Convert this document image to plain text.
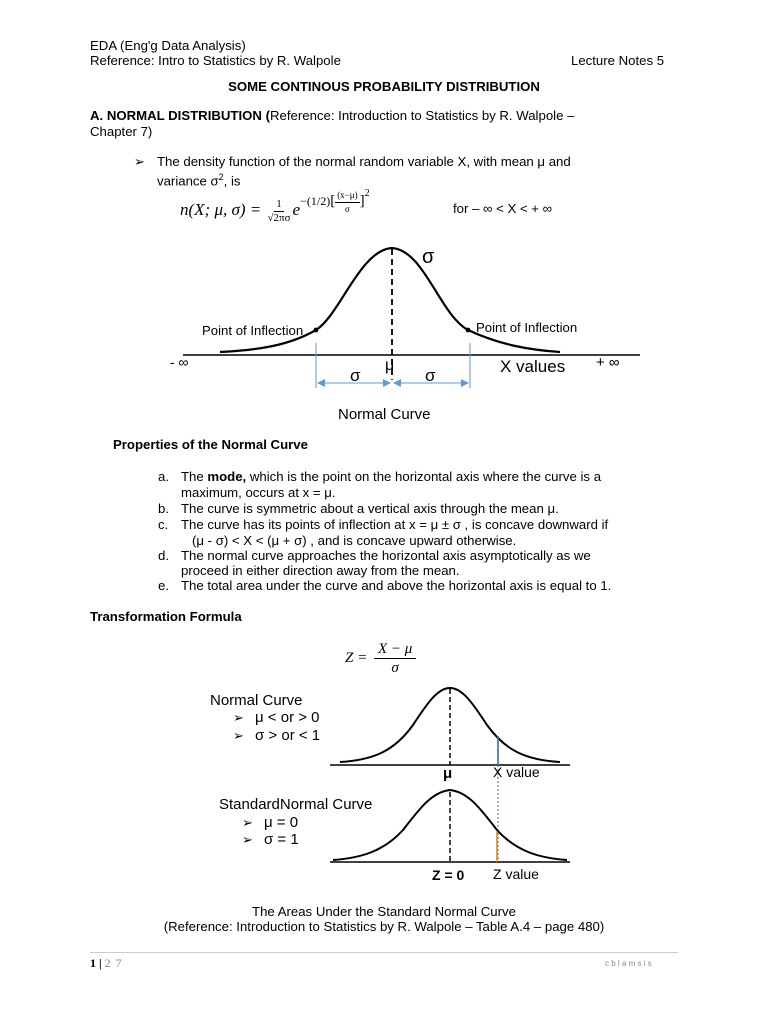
EDA (Eng'g Data Analysis)
Reference: Intro to Statistics by R. Walpole	Lecture Notes 5
SOME CONTINOUS PROBABILITY DISTRIBUTION
A. NORMAL DISTRIBUTION (Reference: Introduction to Statistics by R. Walpole –
Chapter 7)
➢ The density function of the normal random variable X, with mean μ and
variance $\sigma^2$, is
n(X; μ, $\sigma) = \frac{1}{√2\pi\sigma} e^{-(1/2)[ \frac{(x-\mu)}{\sigma} ]^2}$
for – ∞ < X < + ∞
σ
Point of Inflection	Point of Inflection
- ∞	+ ∞
μ
σ	σ	X values
Normal Curve
Properties of the Normal Curve
a. The mode, which is the point on the horizontal axis where the curve is a
maximum, occurs at x = μ.
b. The curve is symmetric about a vertical axis through the mean μ.
c. The curve has its points of inflection at x = μ ± σ , is concave downward if
(μ - σ) < X < (μ + σ) , and is concave upward otherwise.
d. The normal curve approaches the horizontal axis asymptotically as we
proceed in either direction away from the mean.
e. The total area under the curve and above the horizontal axis is equal to 1.
Transformation Formula
$Z = \frac{X - \mu}{\sigma}$
Normal Curve
➢ μ < or > 0
➢ σ > or < 1
μ	X value
StandardNormal Curve
➢ μ = 0
➢ σ = 1
Z = 0 Z value
The Areas Under the Standard Normal Curve
(Reference: Introduction to Statistics by R. Walpole – Table A.4 – page 480)
1 | 2 7	c b l a m s i s
